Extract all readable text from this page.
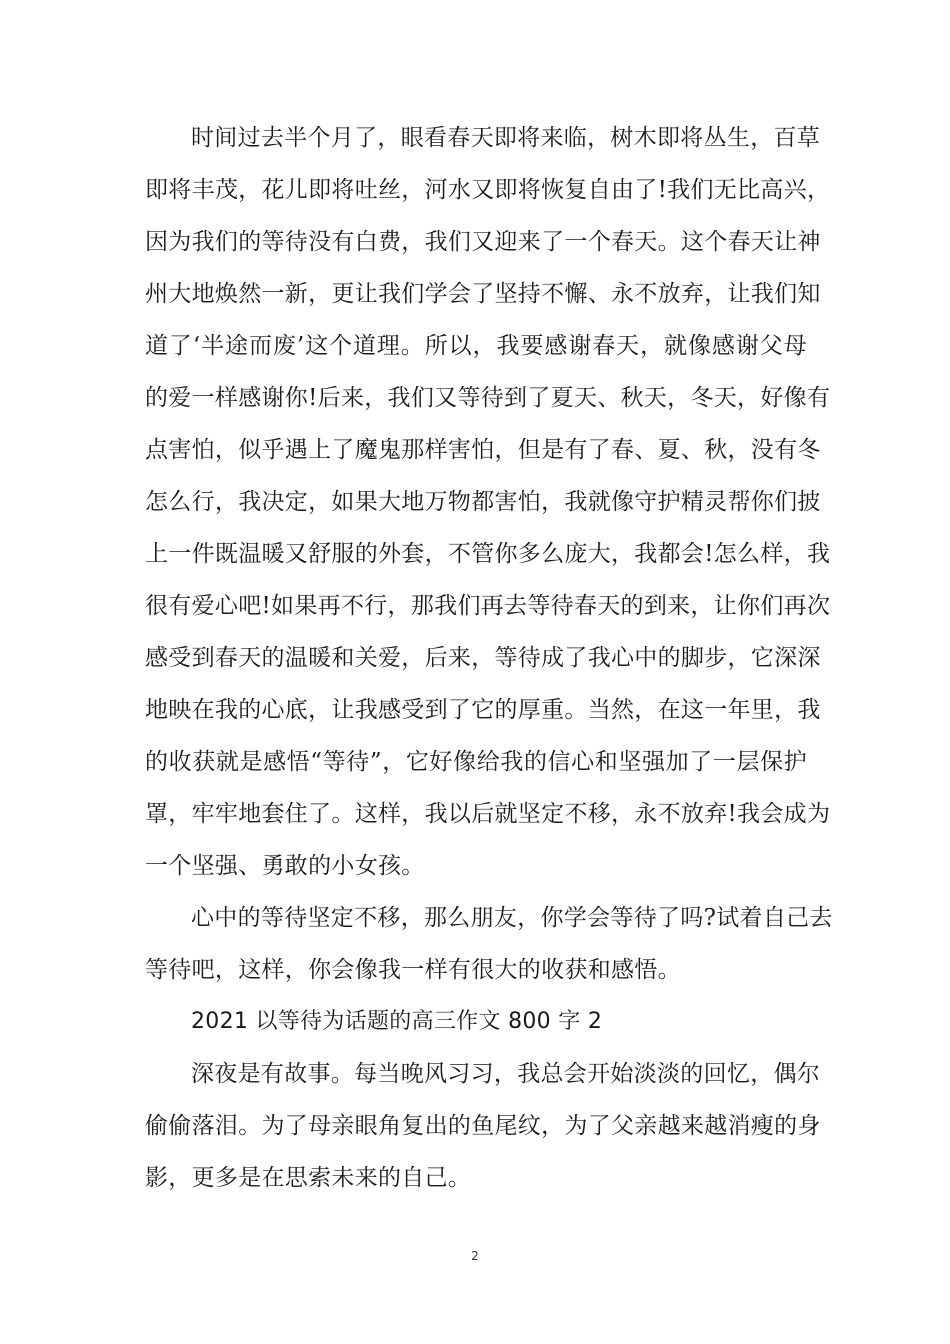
时间过去半个月了，眼看春天即将来临，树木即将丛生，百草
即将丰茂，花儿即将吐丝，河水又即将恢复自由了!我们无比高兴，
因为我们的等待没有白费，我们又迎来了一个春天。这个春天让神
州大地焕然一新，更让我们学会了坚持不懈、永不放弃，让我们知
道了‘半途而废’这个道理。所以，我要感谢春天，就像感谢父母
的爱一样感谢你!后来，我们又等待到了夏天、秋天，冬天，好像有
点害怕，似乎遇上了魔鬼那样害怕，但是有了春、夏、秋，没有冬
怎么行，我决定，如果大地万物都害怕，我就像守护精灵帮你们披
上一件既温暖又舒服的外套，不管你多么庞大，我都会!怎么样，我
很有爱心吧!如果再不行，那我们再去等待春天的到来，让你们再次
感受到春天的温暖和关爱，后来，等待成了我心中的脚步，它深深
地映在我的心底，让我感受到了它的厚重。当然，在这一年里，我
的收获就是感悟“等待”，它好像给我的信心和坚强加了一层保护
罩，牢牢地套住了。这样，我以后就坚定不移，永不放弃!我会成为
一个坚强、勇敢的小女孩。
心中的等待坚定不移，那么朋友，你学会等待了吗?试着自己去
等待吧，这样，你会像我一样有很大的收获和感悟。
2021 以等待为话题的高三作文 800 字 2
深夜是有故事。每当晚风习习，我总会开始淡淡的回忆，偶尔
偷偷落泪。为了母亲眼角复出的鱼尾纹，为了父亲越来越消瘦的身
影，更多是在思索未来的自己。
2
